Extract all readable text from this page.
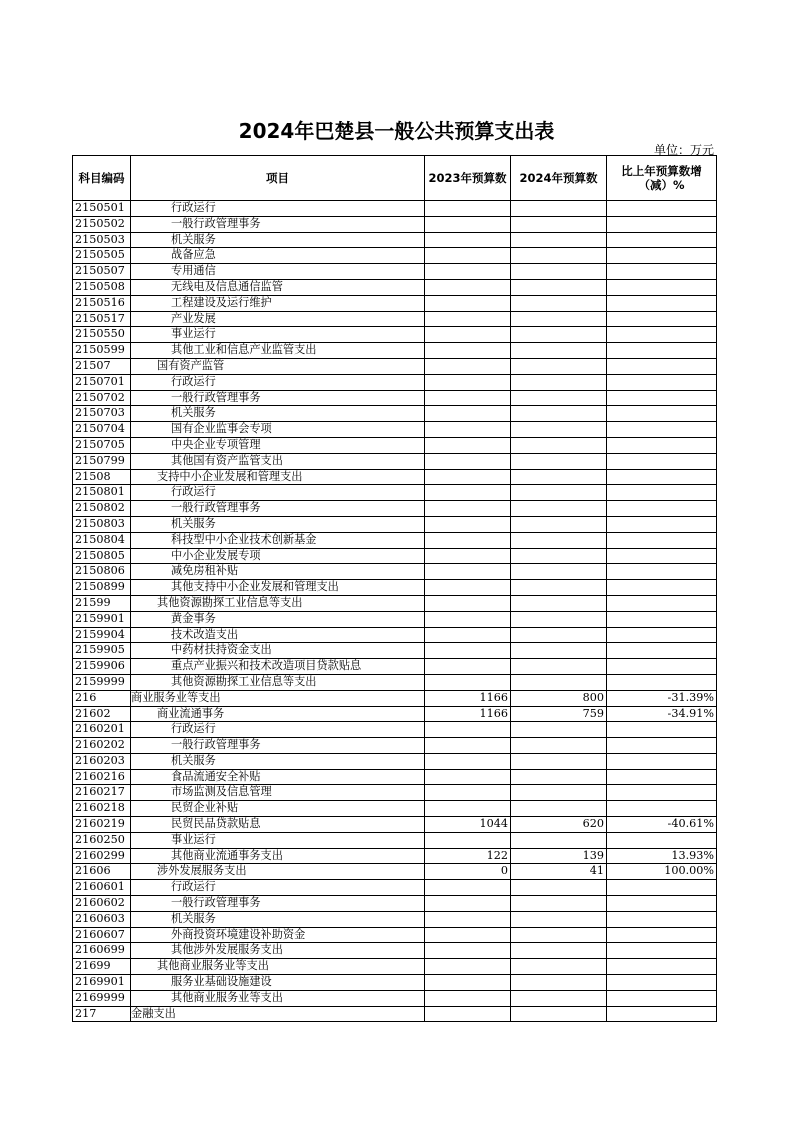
2024年巴楚县一般公共预算支出表
单位：万元
科目编码	项目	2023年预算数	2024年预算数	比上年预算数增（减）%
2150501	行政运行			
2150502	一般行政管理事务			
2150503	机关服务			
2150505	战备应急			
2150507	专用通信			
2150508	无线电及信息通信监管			
2150516	工程建设及运行维护			
2150517	产业发展			
2150550	事业运行			
2150599	其他工业和信息产业监管支出			
21507	国有资产监管			
2150701	行政运行			
2150702	一般行政管理事务			
2150703	机关服务			
2150704	国有企业监事会专项			
2150705	中央企业专项管理			
2150799	其他国有资产监管支出			
21508	支持中小企业发展和管理支出			
2150801	行政运行			
2150802	一般行政管理事务			
2150803	机关服务			
2150804	科技型中小企业技术创新基金			
2150805	中小企业发展专项			
2150806	减免房租补贴			
2150899	其他支持中小企业发展和管理支出			
21599	其他资源勘探工业信息等支出			
2159901	黄金事务			
2159904	技术改造支出			
2159905	中药材扶持资金支出			
2159906	重点产业振兴和技术改造项目贷款贴息			
2159999	其他资源勘探工业信息等支出			
216	商业服务业等支出	1166	800	-31.39%
21602	商业流通事务	1166	759	-34.91%
2160201	行政运行			
2160202	一般行政管理事务			
2160203	机关服务			
2160216	食品流通安全补贴			
2160217	市场监测及信息管理			
2160218	民贸企业补贴			
2160219	民贸民品贷款贴息	1044	620	-40.61%
2160250	事业运行			
2160299	其他商业流通事务支出	122	139	13.93%
21606	涉外发展服务支出	0	41	100.00%
2160601	行政运行			
2160602	一般行政管理事务			
2160603	机关服务			
2160607	外商投资环境建设补助资金			
2160699	其他涉外发展服务支出			
21699	其他商业服务业等支出			
2169901	服务业基础设施建设			
2169999	其他商业服务业等支出			
217	金融支出			
